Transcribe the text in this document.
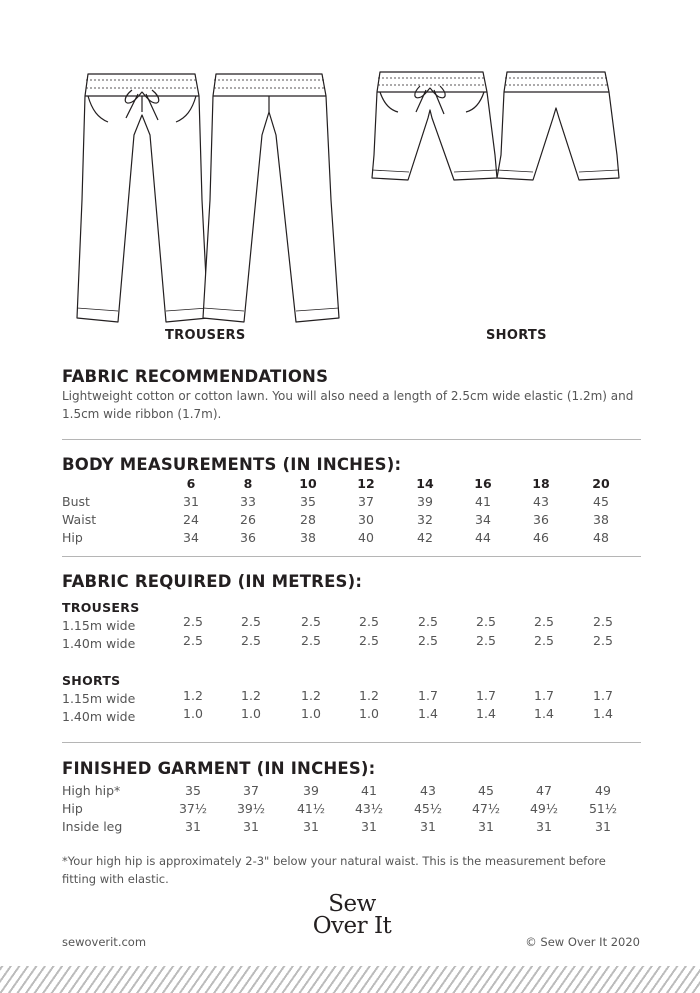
TROUSERS	SHORTS
FABRIC RECOMMENDATIONS
Lightweight cotton or cotton lawn. You will also need a length of 2.5cm wide elastic (1.2m) and 1.5cm wide ribbon (1.7m).
BODY MEASUREMENTS (IN INCHES):
6	8	10	12	14	16	18	20
Bust	31	33	35	37	39	41	43	45
Waist	24	26	28	30	32	34	36	38
Hip	34	36	38	40	42	44	46	48
FABRIC REQUIRED (IN METRES):
TROUSERS
1.15m wide	2.5	2.5	2.5	2.5	2.5	2.5	2.5	2.5
1.40m wide	2.5	2.5	2.5	2.5	2.5	2.5	2.5	2.5
SHORTS
1.15m wide	1.2	1.2	1.2	1.2	1.7	1.7	1.7	1.7
1.40m wide	1.0	1.0	1.0	1.0	1.4	1.4	1.4	1.4
FINISHED GARMENT (IN INCHES):
High hip*	35	37	39	41	43	45	47	49
Hip	37½	39½	41½	43½	45½	47½	49½	51½
Inside leg	31	31	31	31	31	31	31	31
*Your high hip is approximately 2-3" below your natural waist. This is the measurement before fitting with elastic.
sewoverit.com
Sew
Over It
© Sew Over It 2020
